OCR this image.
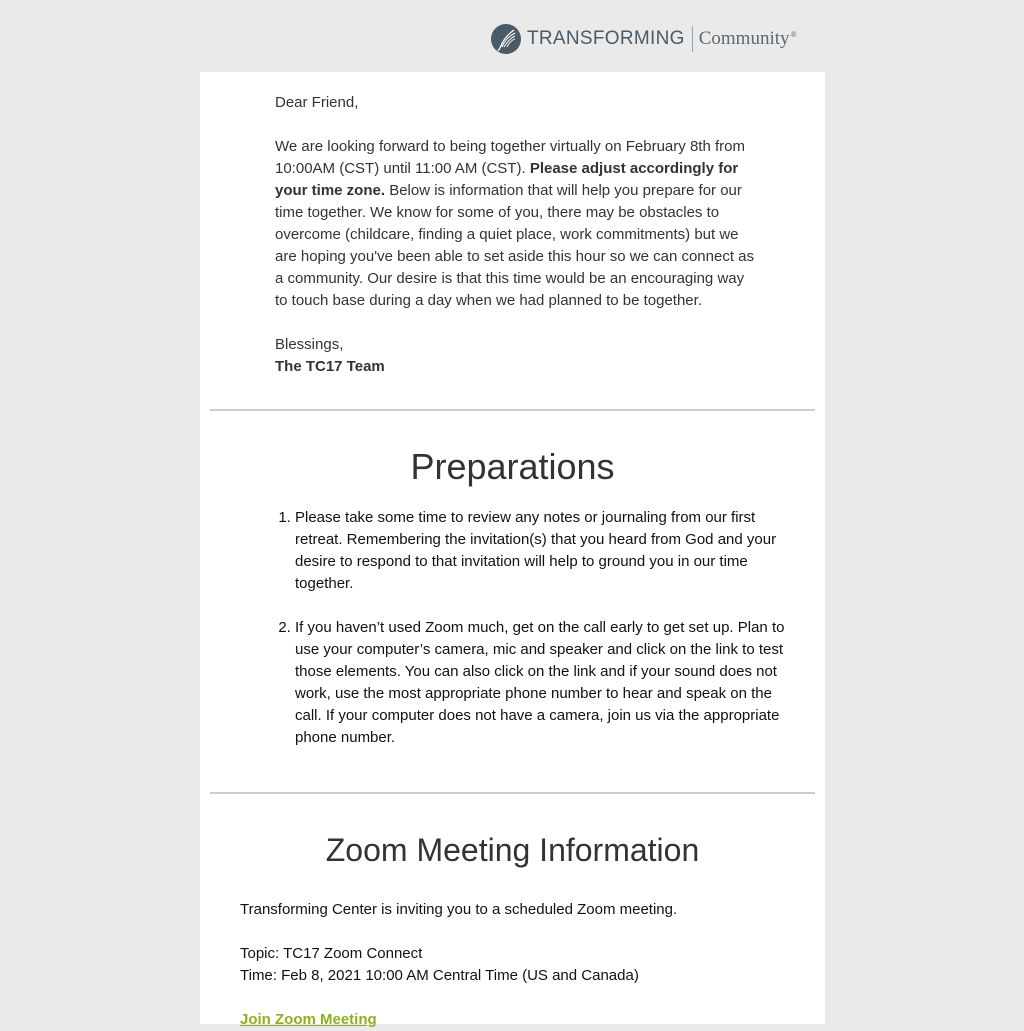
TRANSFORMING Community®

Dear Friend,

We are looking forward to being together virtually on February 8th from 10:00AM (CST) until 11:00 AM (CST). Please adjust accordingly for your time zone. Below is information that will help you prepare for our time together. We know for some of you, there may be obstacles to overcome (childcare, finding a quiet place, work commitments) but we are hoping you've been able to set aside this hour so we can connect as a community. Our desire is that this time would be an encouraging way to touch base during a day when we had planned to be together.

Blessings,

The TC17 Team

Preparations
1. Please take some time to review any notes or journaling from our first retreat. Remembering the invitation(s) that you heard from God and your desire to respond to that invitation will help to ground you in our time together.
2. If you haven’t used Zoom much, get on the call early to get set up. Plan to use your computer’s camera, mic and speaker and click on the link to test those elements. You can also click on the link and if your sound does not work, use the most appropriate phone number to hear and speak on the call. If your computer does not have a camera, join us via the appropriate phone number.
Zoom Meeting Information

Transforming Center is inviting you to a scheduled Zoom meeting.

Topic: TC17 Zoom Connect

Time: Feb 8, 2021 10:00 AM Central Time (US and Canada)

Join Zoom Meeting
